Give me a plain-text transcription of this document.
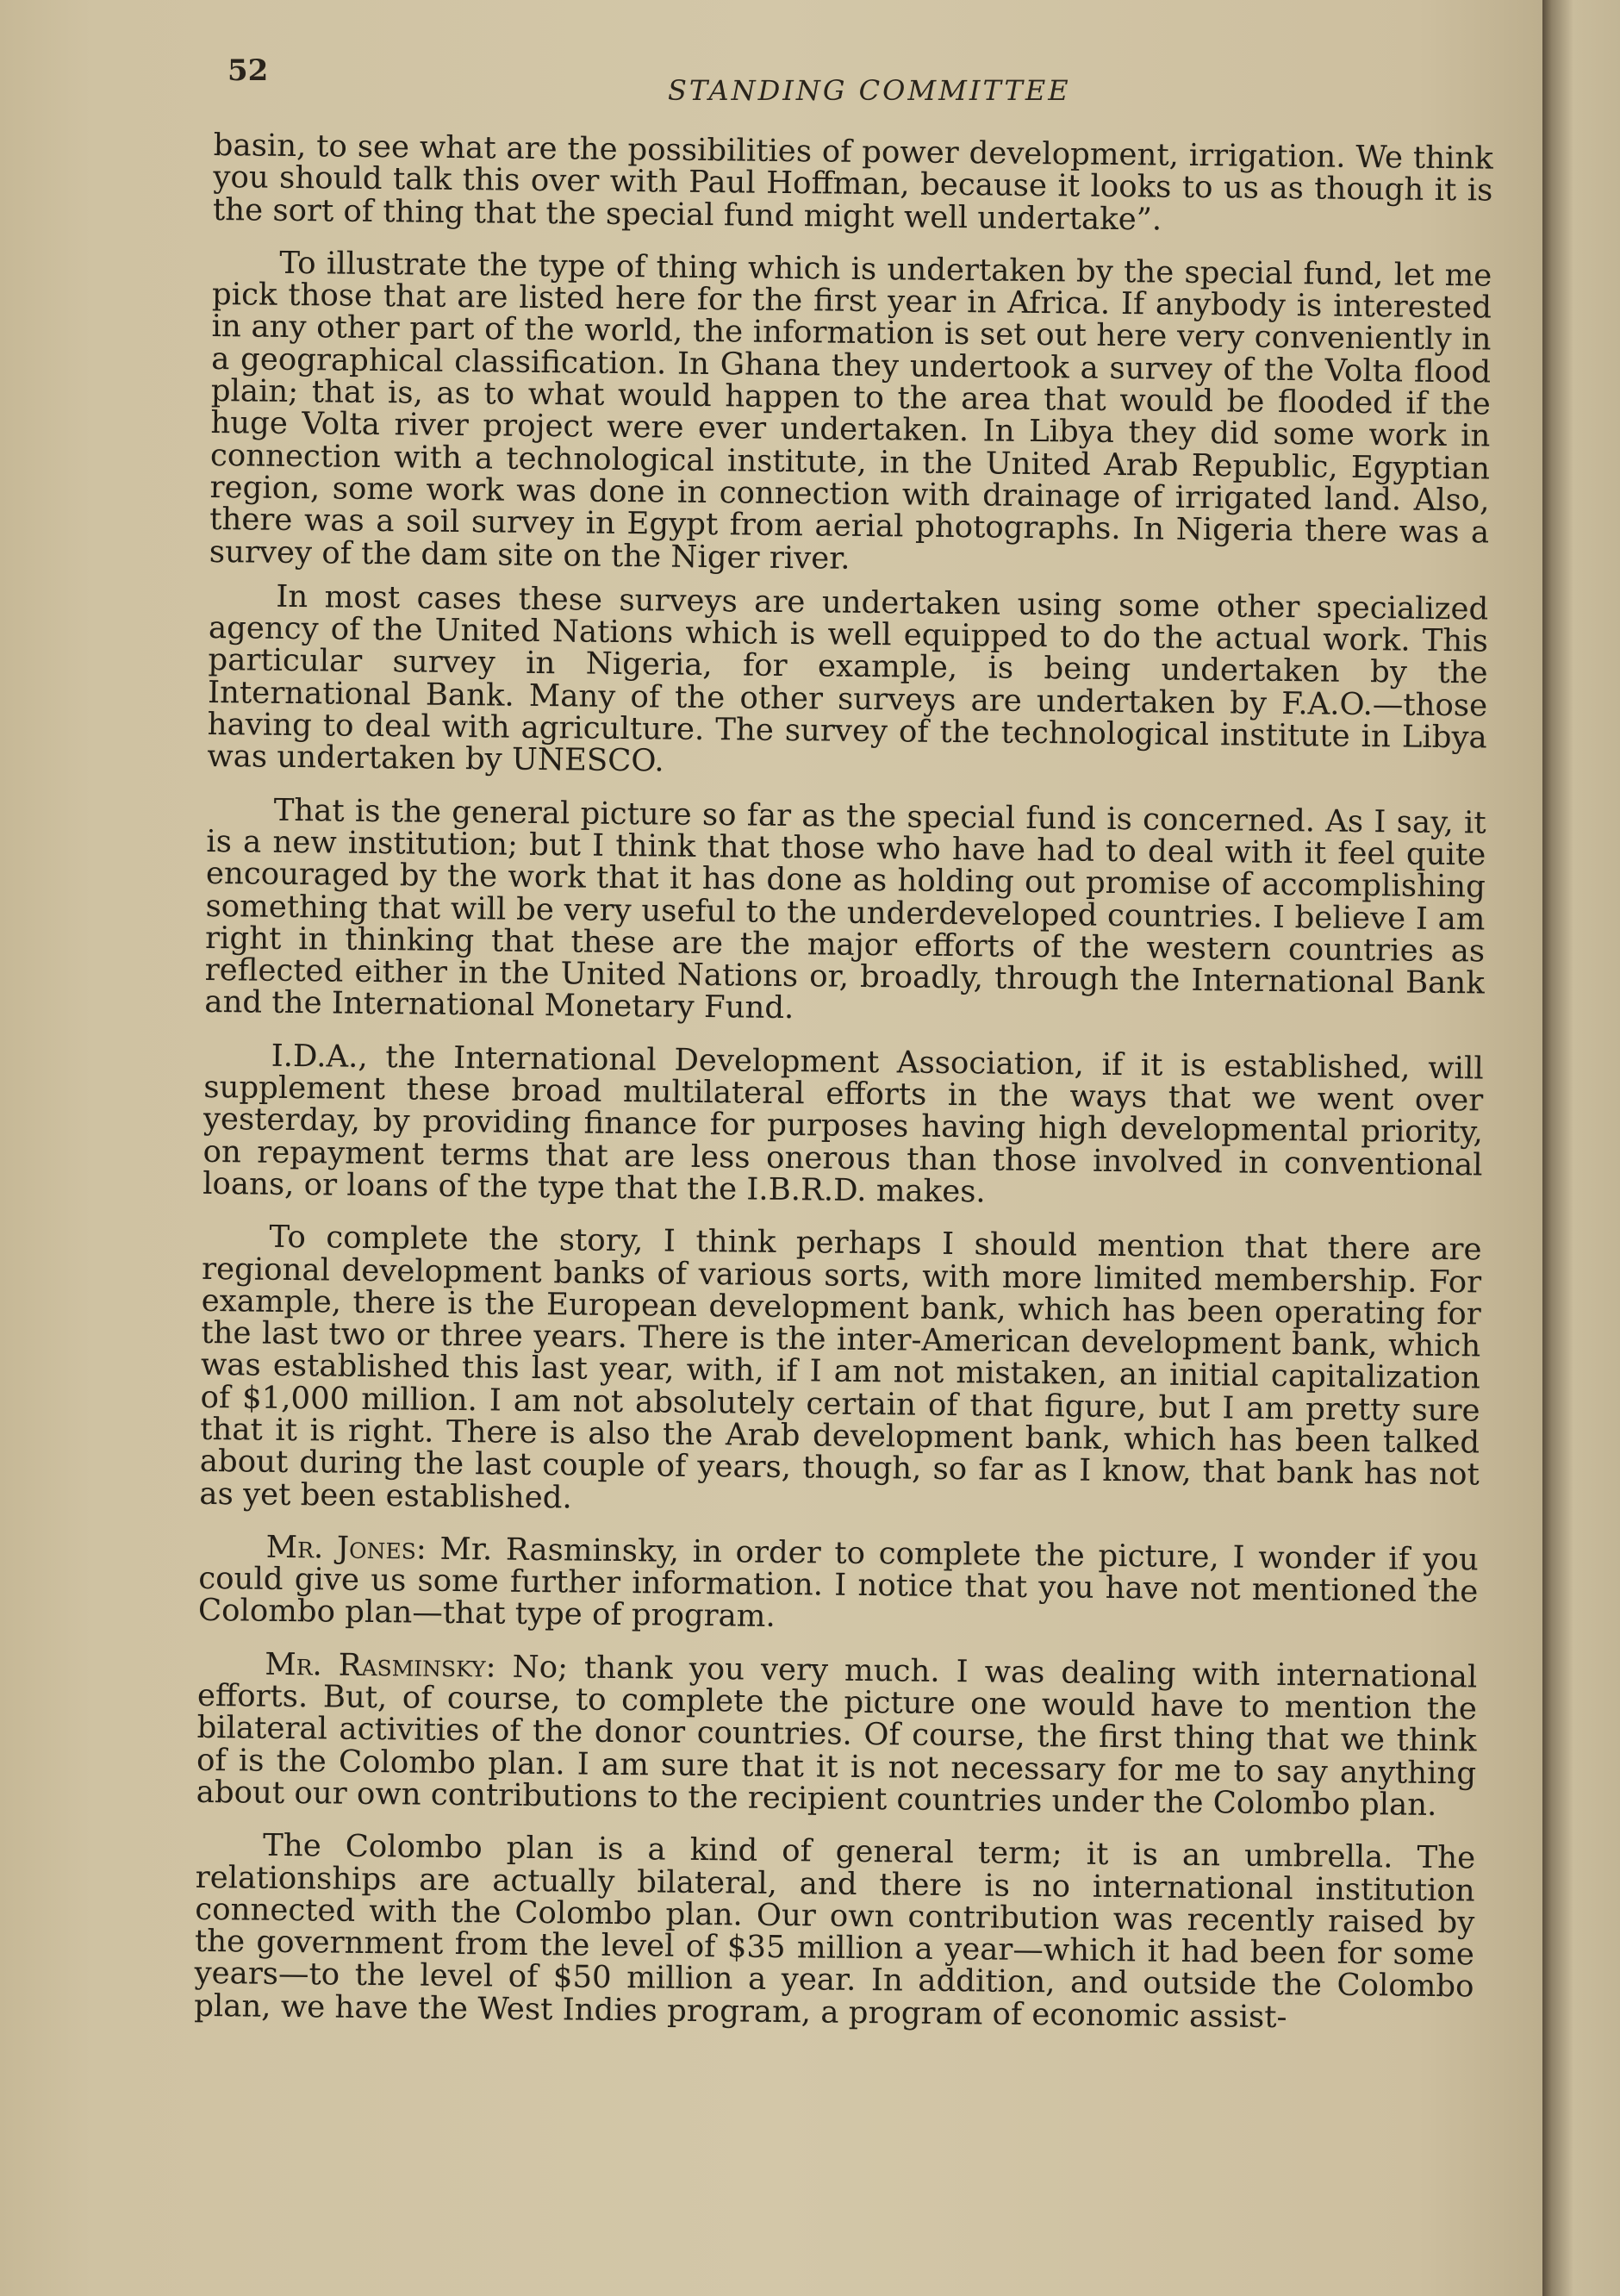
52
STANDING COMMITTEE

basin, to see what are the possibilities of power development, irrigation. We think you should talk this over with Paul Hoffman, because it looks to us as though it is the sort of thing that the special fund might well undertake”.

To illustrate the type of thing which is undertaken by the special fund, let me pick those that are listed here for the first year in Africa. If anybody is interested in any other part of the world, the information is set out here very conveniently in a geographical classification. In Ghana they undertook a survey of the Volta flood plain; that is, as to what would happen to the area that would be flooded if the huge Volta river project were ever undertaken. In Libya they did some work in connection with a technological institute, in the United Arab Republic, Egyptian region, some work was done in connection with drainage of irrigated land. Also, there was a soil survey in Egypt from aerial photographs. In Nigeria there was a survey of the dam site on the Niger river.

In most cases these surveys are undertaken using some other specialized agency of the United Nations which is well equipped to do the actual work. This particular survey in Nigeria, for example, is being undertaken by the International Bank. Many of the other surveys are undertaken by F.A.O.—those having to deal with agriculture. The survey of the technological institute in Libya was undertaken by UNESCO.

That is the general picture so far as the special fund is concerned. As I say, it is a new institution; but I think that those who have had to deal with it feel quite encouraged by the work that it has done as holding out promise of accomplishing something that will be very useful to the underdeveloped countries. I believe I am right in thinking that these are the major efforts of the western countries as reflected either in the United Nations or, broadly, through the International Bank and the International Monetary Fund.

I.D.A., the International Development Association, if it is established, will supplement these broad multilateral efforts in the ways that we went over yesterday, by providing finance for purposes having high developmental priority, on repayment terms that are less onerous than those involved in conventional loans, or loans of the type that the I.B.R.D. makes.

To complete the story, I think perhaps I should mention that there are regional development banks of various sorts, with more limited membership. For example, there is the European development bank, which has been operating for the last two or three years. There is the inter-American development bank, which was established this last year, with, if I am not mistaken, an initial capitalization of $1,000 million. I am not absolutely certain of that figure, but I am pretty sure that it is right. There is also the Arab development bank, which has been talked about during the last couple of years, though, so far as I know, that bank has not as yet been established.

Mr. Jones: Mr. Rasminsky, in order to complete the picture, I wonder if you could give us some further information. I notice that you have not mentioned the Colombo plan—that type of program.

Mr. Rasminsky: No; thank you very much. I was dealing with international efforts. But, of course, to complete the picture one would have to mention the bilateral activities of the donor countries. Of course, the first thing that we think of is the Colombo plan. I am sure that it is not necessary for me to say anything about our own contributions to the recipient countries under the Colombo plan.

The Colombo plan is a kind of general term; it is an umbrella. The relationships are actually bilateral, and there is no international institution connected with the Colombo plan. Our own contribution was recently raised by the government from the level of $35 million a year—which it had been for some years—to the level of $50 million a year. In addition, and outside the Colombo plan, we have the West Indies program, a program of economic assist-
